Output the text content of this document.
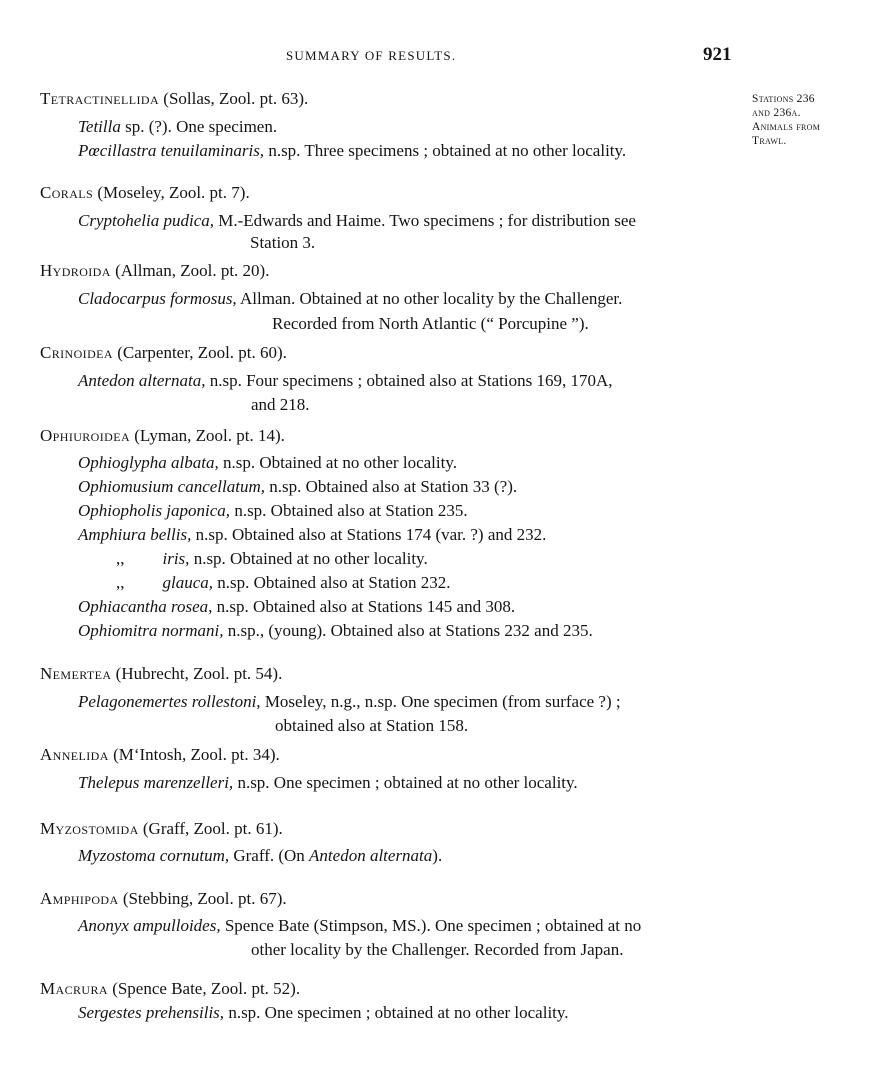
SUMMARY OF RESULTS.	921
Stations 236
and 236a.
Animals from
Trawl.
Tetractinellida (Sollas, Zool. pt. 63).
Tetilla sp. (?). One specimen.
Pœcillastra tenuilaminaris, n.sp. Three specimens ; obtained at no other locality.
Corals (Moseley, Zool. pt. 7).
Cryptohelia pudica, M.-Edwards and Haime. Two specimens ; for distribution see
Station 3.
Hydroida (Allman, Zool. pt. 20).
Cladocarpus formosus, Allman. Obtained at no other locality by the Challenger.
Recorded from North Atlantic (“ Porcupine ”).
Crinoidea (Carpenter, Zool. pt. 60).
Antedon alternata, n.sp. Four specimens ; obtained also at Stations 169, 170A,
and 218.
Ophiuroidea (Lyman, Zool. pt. 14).
Ophioglypha albata, n.sp. Obtained at no other locality.
Ophiomusium cancellatum, n.sp. Obtained also at Station 33 (?).
Ophiopholis japonica, n.sp. Obtained also at Station 235.
Amphiura bellis, n.sp. Obtained also at Stations 174 (var. ?) and 232.
,, iris, n.sp. Obtained at no other locality.
,, glauca, n.sp. Obtained also at Station 232.
Ophiacantha rosea, n.sp. Obtained also at Stations 145 and 308.
Ophiomitra normani, n.sp., (young). Obtained also at Stations 232 and 235.
Nemertea (Hubrecht, Zool. pt. 54).
Pelagonemertes rollestoni, Moseley, n.g., n.sp. One specimen (from surface ?) ;
obtained also at Station 158.
Annelida (M‘Intosh, Zool. pt. 34).
Thelepus marenzelleri, n.sp. One specimen ; obtained at no other locality.
Myzostomida (Graff, Zool. pt. 61).
Myzostoma cornutum, Graff. (On Antedon alternata).
Amphipoda (Stebbing, Zool. pt. 67).
Anonyx ampulloides, Spence Bate (Stimpson, MS.). One specimen ; obtained at no
other locality by the Challenger. Recorded from Japan.
Macrura (Spence Bate, Zool. pt. 52).
Sergestes prehensilis, n.sp. One specimen ; obtained at no other locality.
